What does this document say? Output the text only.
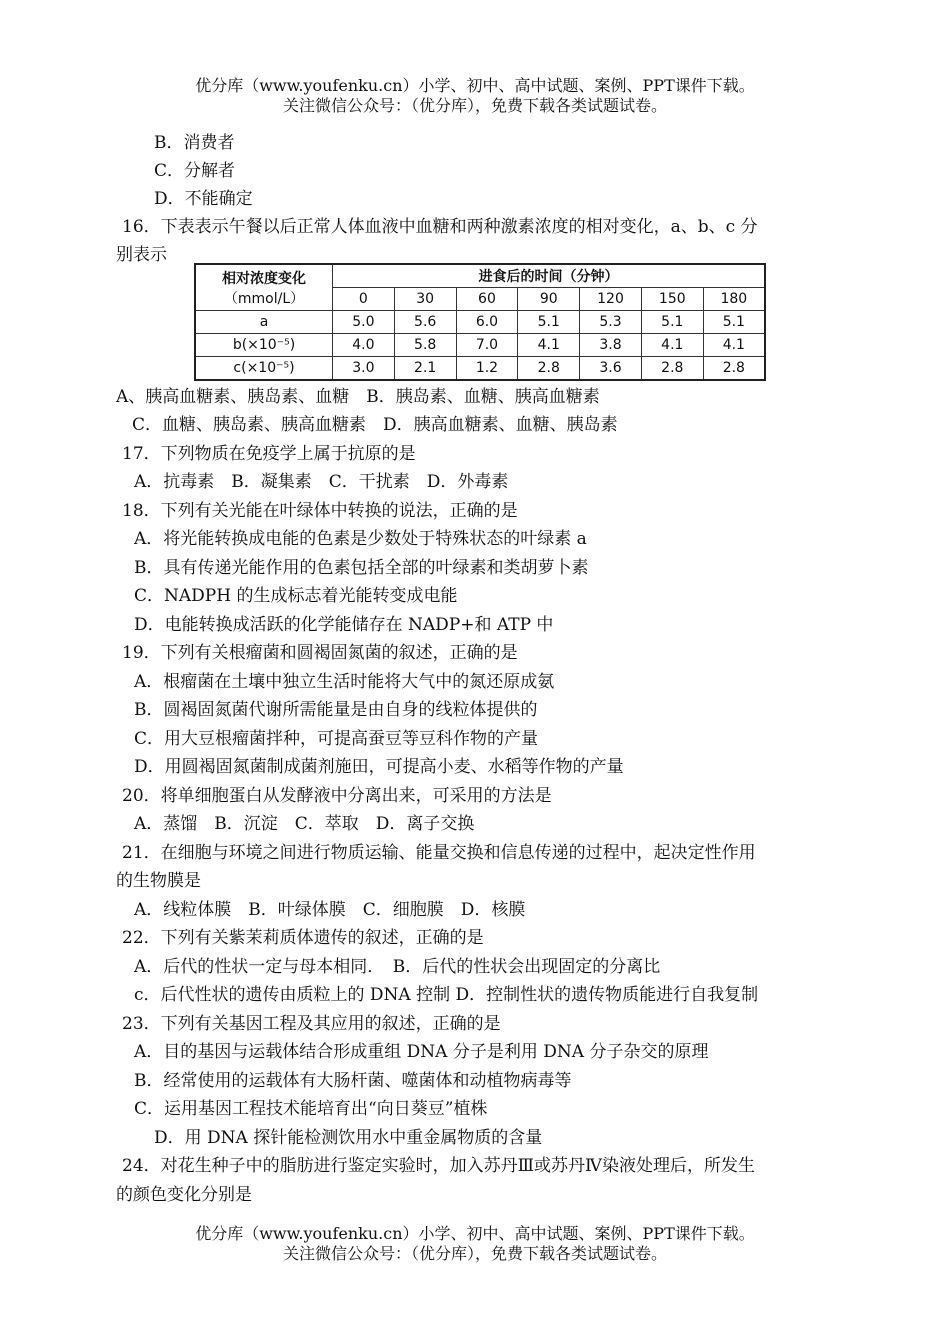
优分库（www.youfenku.cn）小学、初中、高中试题、案例、PPT课件下载。
关注微信公众号：（优分库），免费下载各类试题试卷。
B．消费者
C．分解者
D．不能确定
16．下表表示午餐以后正常人体血液中血糖和两种激素浓度的相对变化，a、b、c 分
别表示
相对浓度变化
（mmol/L）	进食后的时间（分钟）						
	0	30	60	90	120	150	180
a	5.0	5.6	6.0	5.1	5.3	5.1	5.1
b(×10⁻⁵)	4.0	5.8	7.0	4.1	3.8	4.1	4.1
c(×10⁻⁵)	3.0	2.1	1.2	2.8	3.6	2.8	2.8
A、胰高血糖素、胰岛素、血糖　B．胰岛素、血糖、胰高血糖素
C．血糖、胰岛素、胰高血糖素　D．胰高血糖素、血糖、胰岛素
17．下列物质在免疫学上属于抗原的是
A．抗毒素　B．凝集素　C．干扰素　D．外毒素
18．下列有关光能在叶绿体中转换的说法，正确的是
A．将光能转换成电能的色素是少数处于特殊状态的叶绿素 a
B．具有传递光能作用的色素包括全部的叶绿素和类胡萝卜素
C．NADPH 的生成标志着光能转变成电能
D．电能转换成活跃的化学能储存在 NADP+和 ATP 中
19．下列有关根瘤菌和圆褐固氮菌的叙述，正确的是
A．根瘤菌在土壤中独立生活时能将大气中的氮还原成氨
B．圆褐固氮菌代谢所需能量是由自身的线粒体提供的
C．用大豆根瘤菌拌种，可提高蚕豆等豆科作物的产量
D．用圆褐固氮菌制成菌剂施田，可提高小麦、水稻等作物的产量
20．将单细胞蛋白从发酵液中分离出来，可采用的方法是
A．蒸馏　B．沉淀　C．萃取　D．离子交换
21．在细胞与环境之间进行物质运输、能量交换和信息传递的过程中，起决定性作用
的生物膜是
A．线粒体膜　B．叶绿体膜　C．细胞膜　D．核膜
22．下列有关紫茉莉质体遗传的叙述，正确的是
A．后代的性状一定与母本相同．　B．后代的性状会出现固定的分离比
c．后代性状的遗传由质粒上的 DNA 控制 D．控制性状的遗传物质能进行自我复制
23．下列有关基因工程及其应用的叙述，正确的是
A．目的基因与运载体结合形成重组 DNA 分子是利用 DNA 分子杂交的原理
B．经常使用的运载体有大肠杆菌、噬菌体和动植物病毒等
C．运用基因工程技术能培育出“向日葵豆”植株
D．用 DNA 探针能检测饮用水中重金属物质的含量
24．对花生种子中的脂肪进行鉴定实验时，加入苏丹Ⅲ或苏丹Ⅳ染液处理后，所发生
的颜色变化分别是
优分库（www.youfenku.cn）小学、初中、高中试题、案例、PPT课件下载。
关注微信公众号：（优分库），免费下载各类试题试卷。
